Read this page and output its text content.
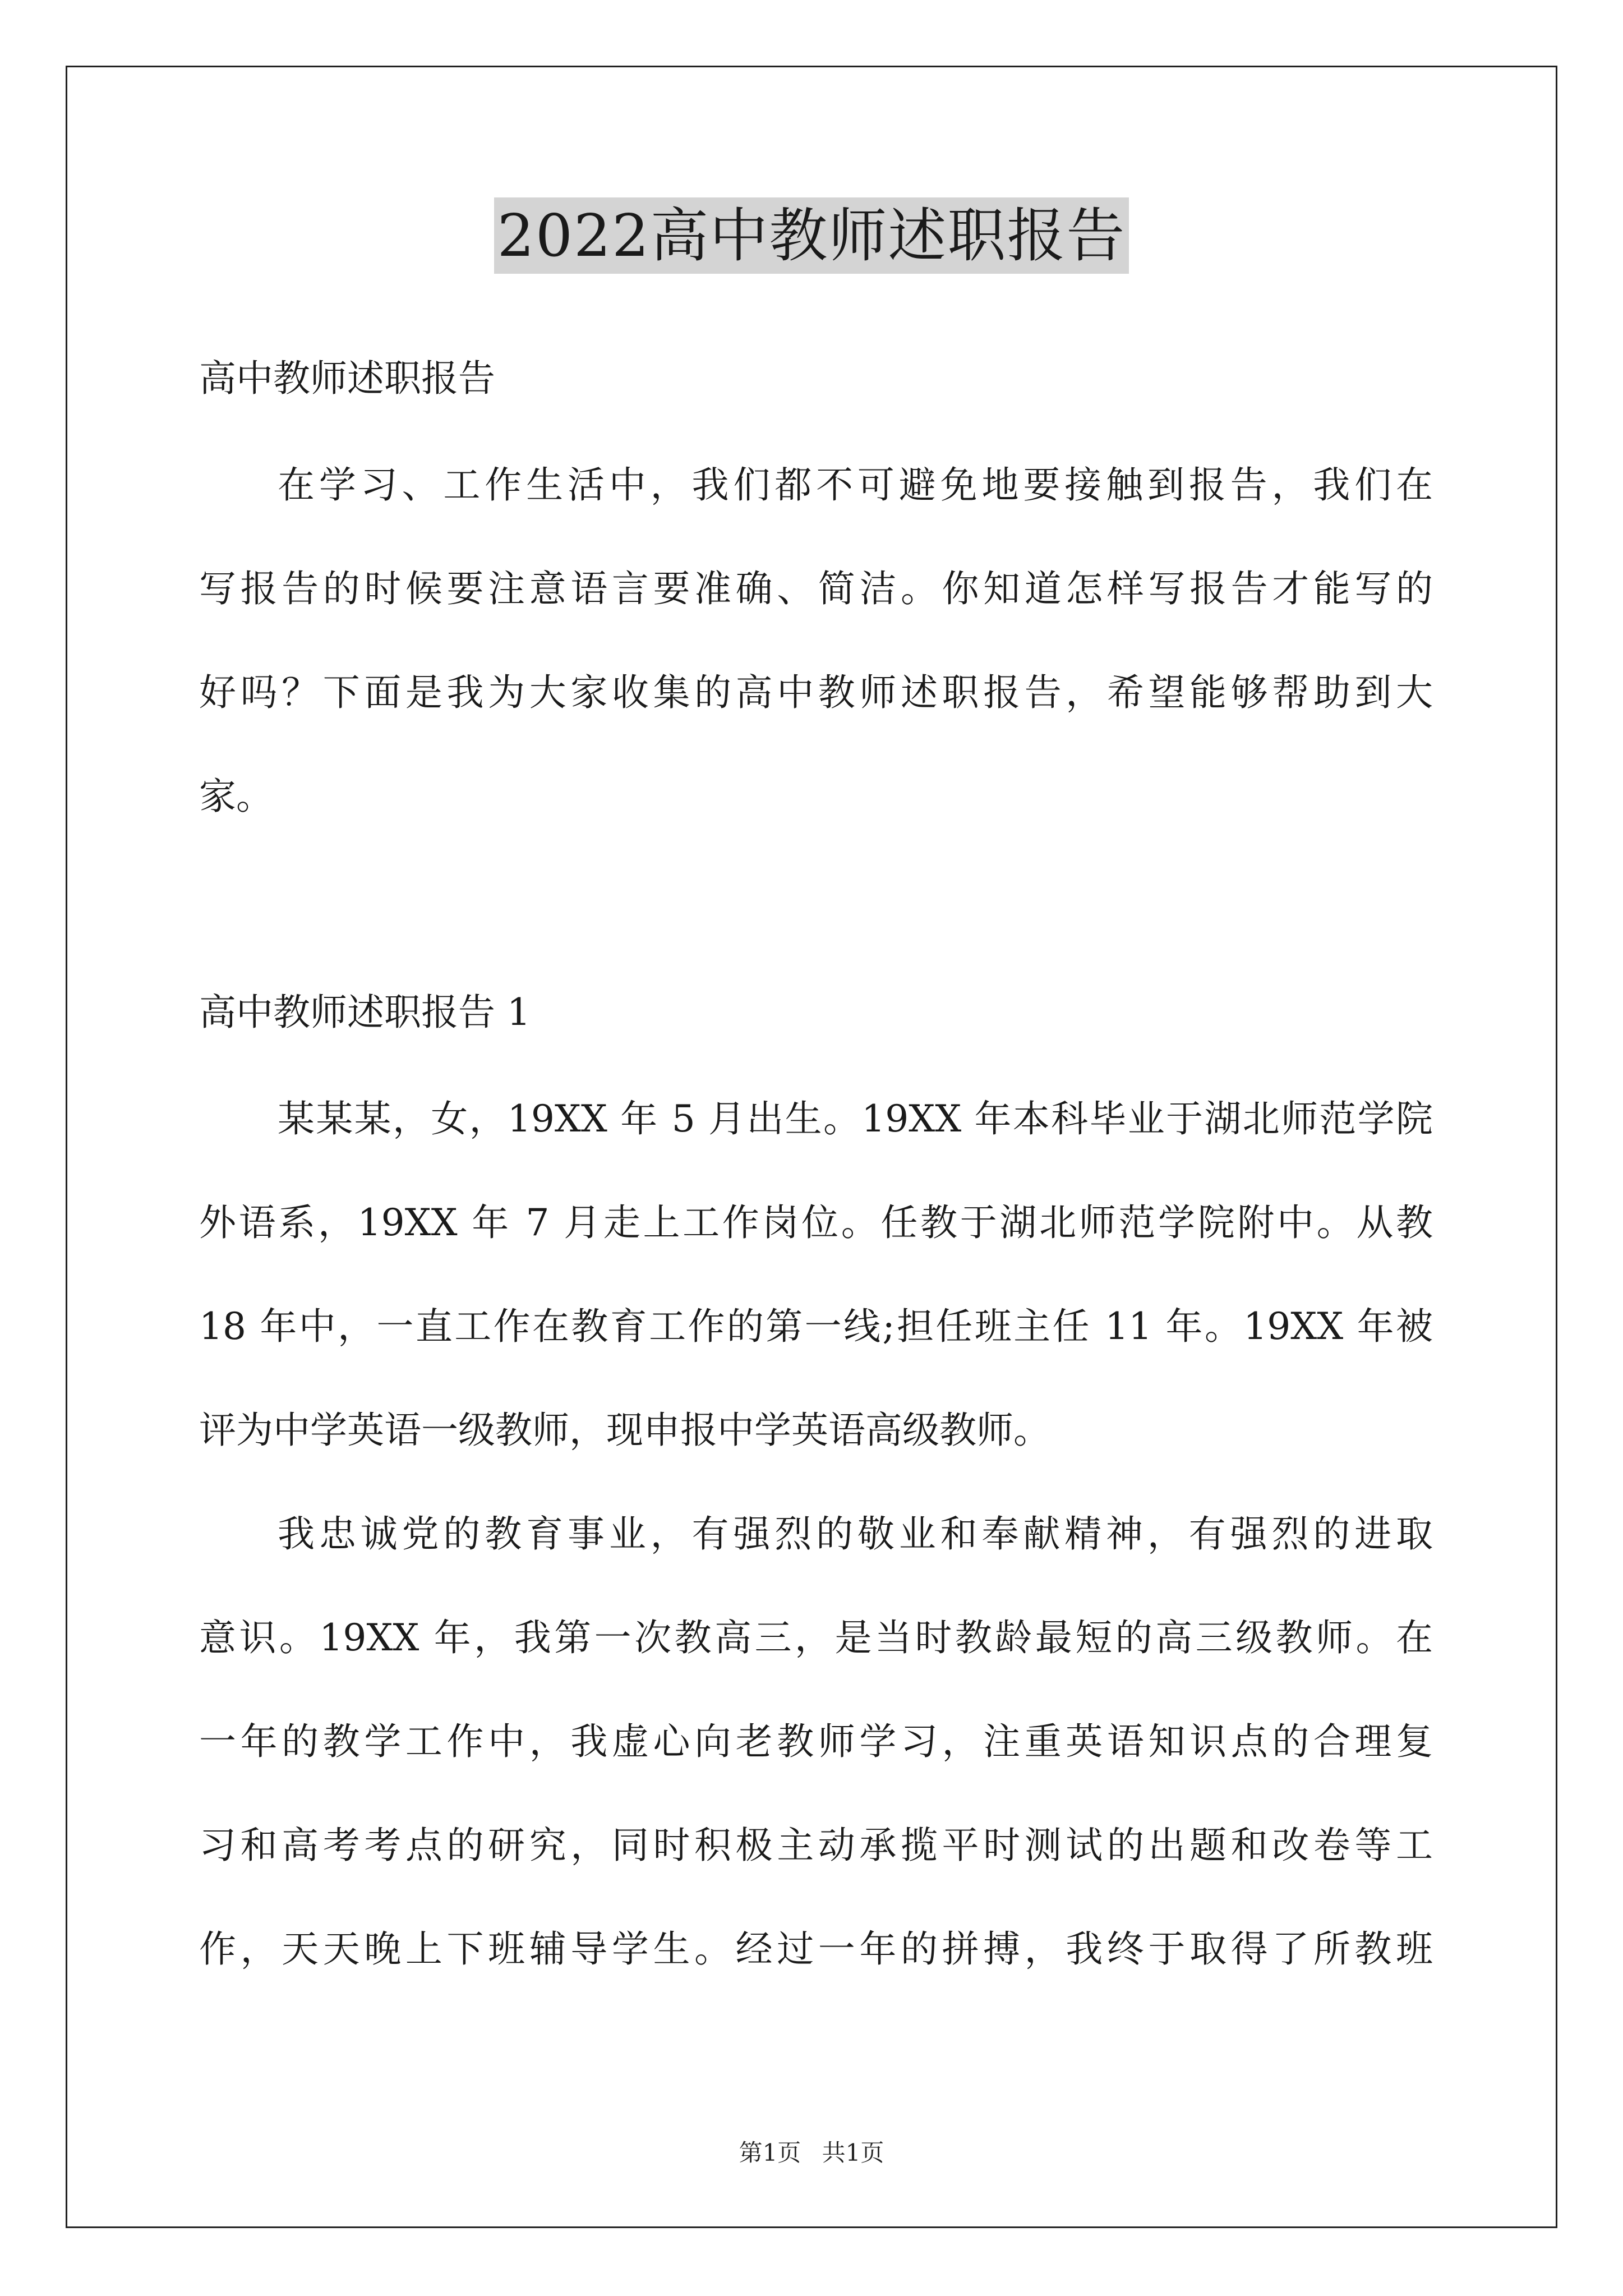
2022高中教师述职报告
高中教师述职报告
在学习、工作生活中，我们都不可避免地要接触到报告，我们在
写报告的时候要注意语言要准确、简洁。你知道怎样写报告才能写的
好吗？下面是我为大家收集的高中教师述职报告，希望能够帮助到大
家。
高中教师述职报告 1
某某某，女，19XX 年 5 月出生。19XX 年本科毕业于湖北师范学院
外语系，19XX 年 7 月走上工作岗位。任教于湖北师范学院附中。从教
18 年中，一直工作在教育工作的第一线;担任班主任 11 年。19XX 年被
评为中学英语一级教师，现申报中学英语高级教师。
我忠诚党的教育事业，有强烈的敬业和奉献精神，有强烈的进取
意识。19XX 年，我第一次教高三，是当时教龄最短的高三级教师。在
一年的教学工作中，我虚心向老教师学习，注重英语知识点的合理复
习和高考考点的研究，同时积极主动承揽平时测试的出题和改卷等工
作，天天晚上下班辅导学生。经过一年的拼搏，我终于取得了所教班
第1页 共1页
